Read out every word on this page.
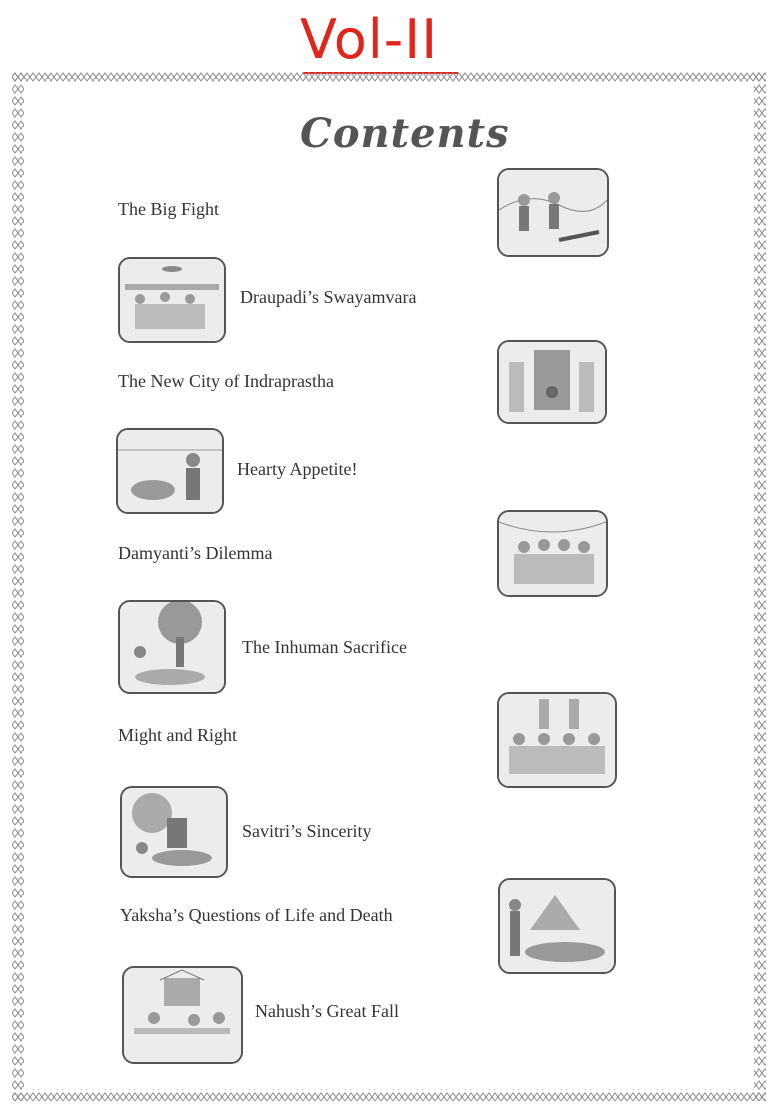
Vol-II
Contents
The Big Fight
Draupadi’s Swayamvara
The New City of Indraprastha
Hearty Appetite!
Damyanti’s Dilemma
The Inhuman Sacrifice
Might and Right
Savitri’s Sincerity
Yaksha’s Questions of Life and Death
Nahush’s Great Fall
